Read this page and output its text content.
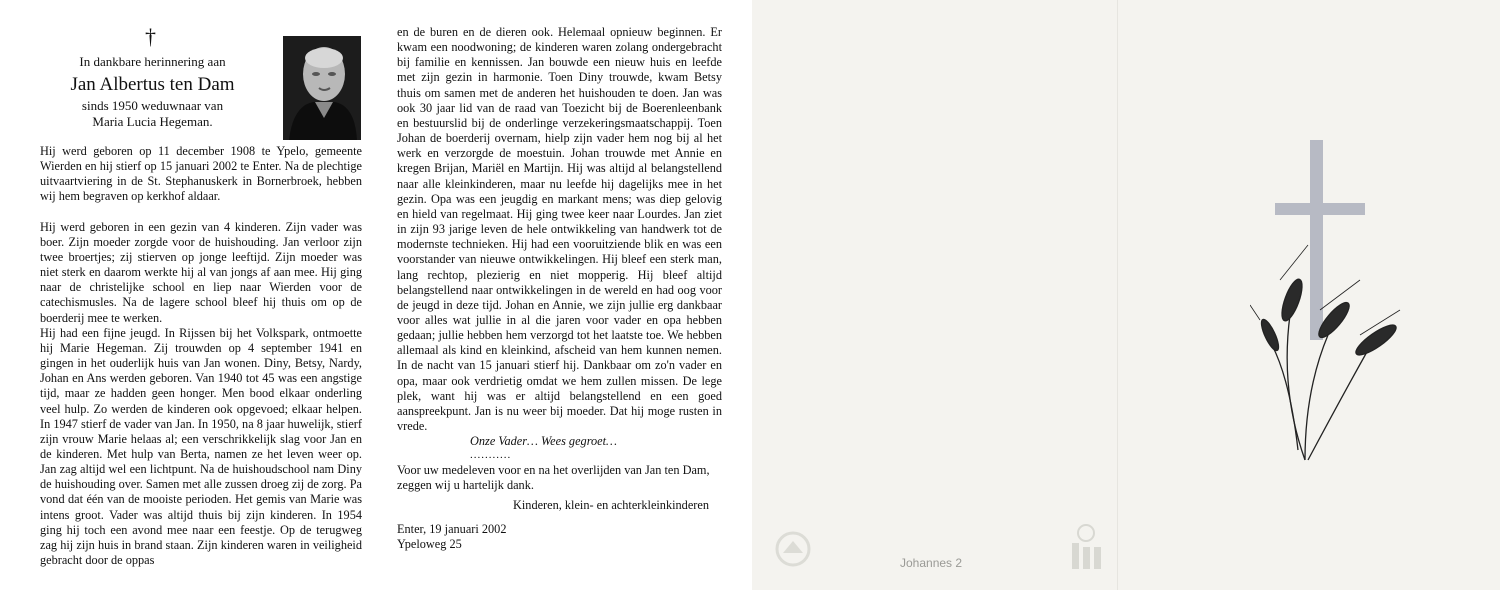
†
In dankbare herinnering aan
Jan Albertus ten Dam
sinds 1950 weduwnaar van
Maria Lucia Hegeman.

Hij werd geboren op 11 december 1908 te Ypelo, gemeente Wierden en hij stierf op 15 januari 2002 te Enter. Na de plechtige uitvaartviering in de St. Stephanuskerk in Bornerbroek, hebben wij hem begraven op kerkhof aldaar.

Hij werd geboren in een gezin van 4 kinderen. Zijn vader was boer. Zijn moeder zorgde voor de huishouding. Jan verloor zijn twee broertjes; zij stierven op jonge leeftijd. Zijn moeder was niet sterk en daarom werkte hij al van jongs af aan mee. Hij ging naar de christelijke school en liep naar Wierden voor de catechismusles. Na de lagere school bleef hij thuis om op de boerderij mee te werken.

Hij had een fijne jeugd. In Rijssen bij het Volkspark, ontmoette hij Marie Hegeman. Zij trouwden op 4 september 1941 en gingen in het ouderlijk huis van Jan wonen. Diny, Betsy, Nardy, Johan en Ans werden geboren. Van 1940 tot 45 was een angstige tijd, maar ze hadden geen honger. Men bood elkaar onderling veel hulp. Zo werden de kinderen ook opgevoed; elkaar helpen. In 1947 stierf de vader van Jan. In 1950, na 8 jaar huwelijk, stierf zijn vrouw Marie helaas al; een verschrikkelijk slag voor Jan en de kinderen. Met hulp van Berta, namen ze het leven weer op. Jan zag altijd wel een lichtpunt. Na de huishoudschool nam Diny de huishouding over. Samen met alle zussen droeg zij de zorg. Pa vond dat één van de mooiste perioden. Het gemis van Marie was intens groot. Vader was altijd thuis bij zijn kinderen. In 1954 ging hij toch een avond mee naar een feestje. Op de terugweg zag hij zijn huis in brand staan. Zijn kinderen waren in veiligheid gebracht door de oppas

en de buren en de dieren ook. Helemaal opnieuw beginnen. Er kwam een noodwoning; de kinderen waren zolang ondergebracht bij familie en kennissen. Jan bouwde een nieuw huis en leefde met zijn gezin in harmonie. Toen Diny trouwde, kwam Betsy thuis om samen met de anderen het huishouden te doen. Jan was ook 30 jaar lid van de raad van Toezicht bij de Boerenleenbank en bestuurslid bij de onderlinge verzekeringsmaatschappij. Toen Johan de boerderij overnam, hielp zijn vader hem nog bij al het werk en verzorgde de moestuin. Johan trouwde met Annie en kregen Brijan, Mariël en Martijn. Hij was altijd al belangstellend naar alle kleinkinderen, maar nu leefde hij dagelijks mee in het gezin. Opa was een jeugdig en markant mens; was diep gelovig en hield van regelmaat. Hij ging twee keer naar Lourdes. Jan ziet in zijn 93 jarige leven de hele ontwikkeling van handwerk tot de modernste technieken. Hij had een vooruitziende blik en was een voorstander van nieuwe ontwikkelingen. Hij bleef een sterk man, lang rechtop, plezierig en niet mopperig. Hij bleef altijd belangstellend naar ontwikkelingen in de wereld en had oog voor de jeugd in deze tijd. Johan en Annie, we zijn jullie erg dankbaar voor alles wat jullie in al die jaren voor vader en opa hebben gedaan; jullie hebben hem verzorgd tot het laatste toe. We hebben allemaal als kind en kleinkind, afscheid van hem kunnen nemen. In de nacht van 15 januari stierf hij. Dankbaar om zo'n vader en opa, maar ook verdrietig omdat we hem zullen missen. De lege plek, want hij was er altijd belangstellend en een goed aanspreekpunt. Jan is nu weer bij moeder. Dat hij moge rusten in vrede.

Onze Vader… Wees gegroet…
...........
Voor uw medeleven voor en na het overlijden van Jan ten Dam, zeggen wij u hartelijk dank.
Kinderen, klein- en achterkleinkinderen
Enter, 19 januari 2002
Ypeloweg 25
Johannes 2
